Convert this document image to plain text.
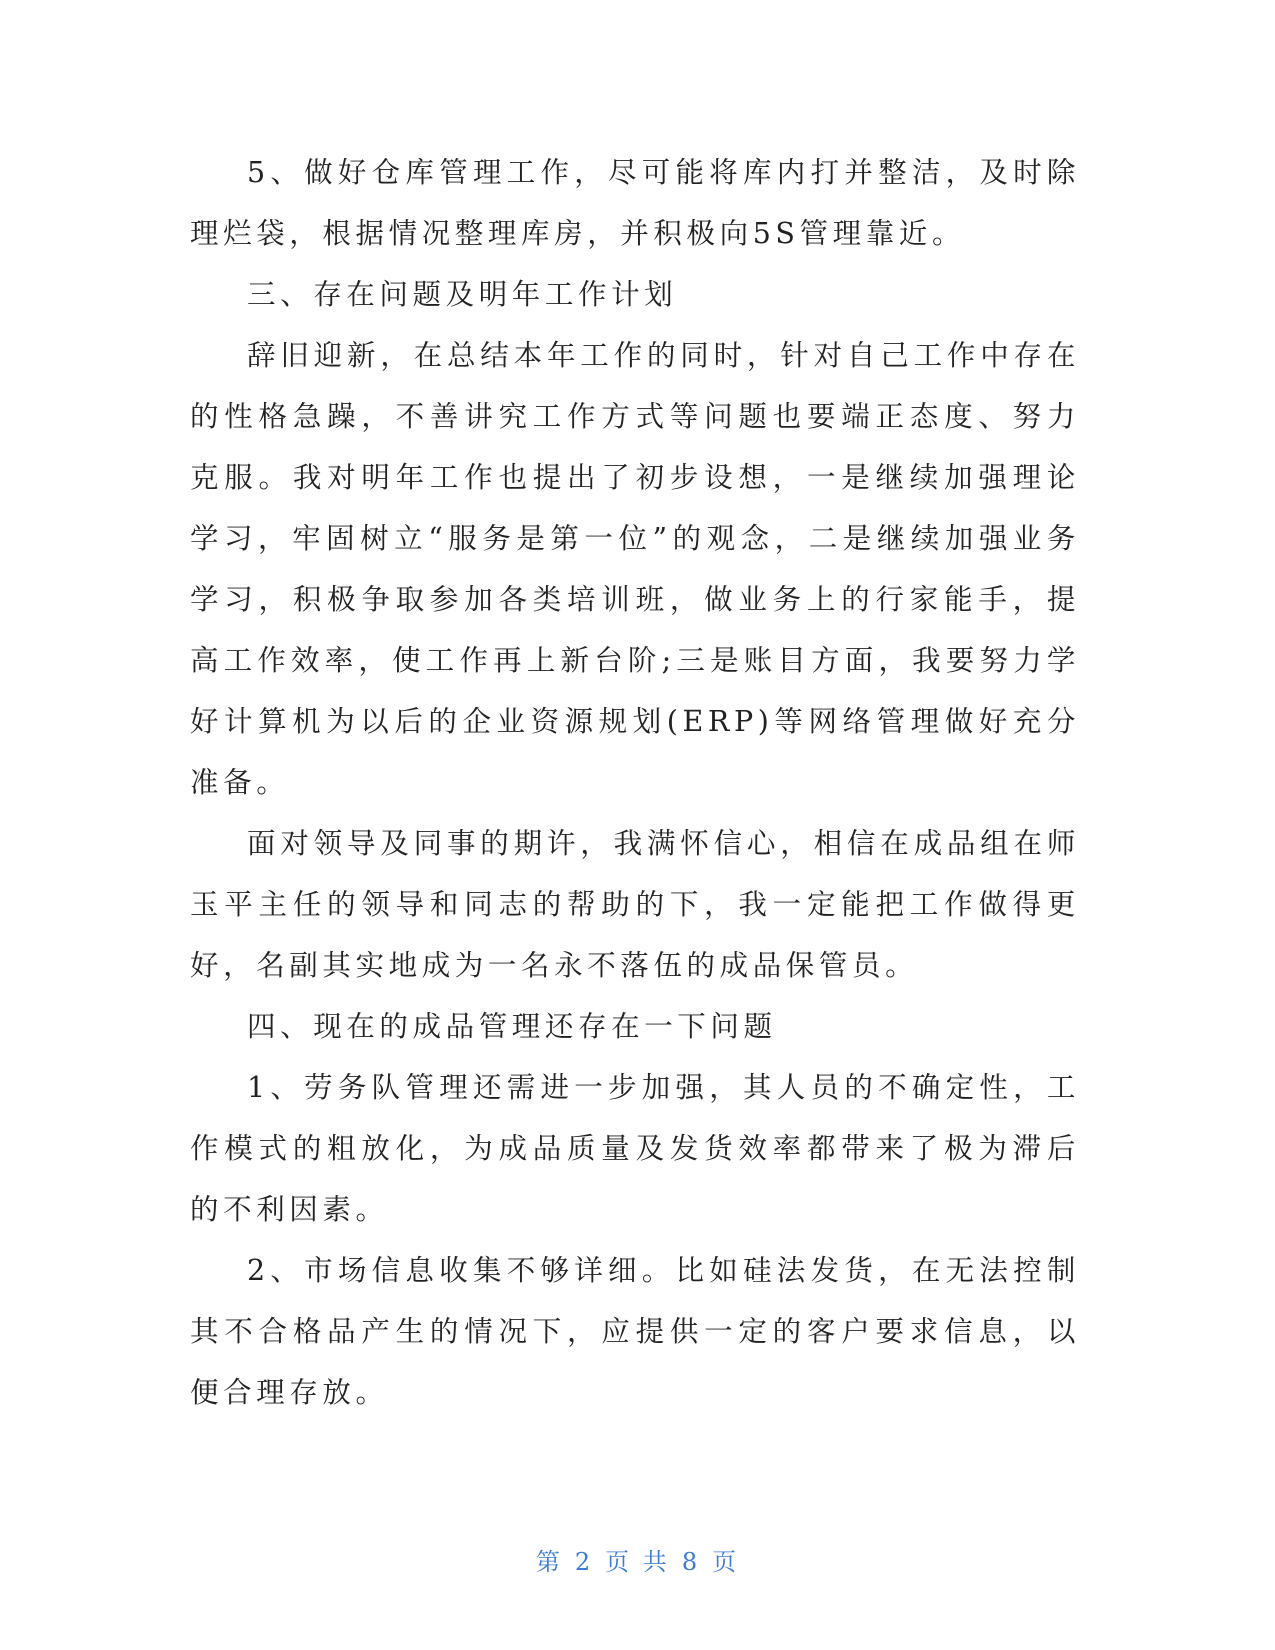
5、做好仓库管理工作，尽可能将库内打并整洁，及时除理烂袋，根据情况整理库房，并积极向5S管理靠近。

三、存在问题及明年工作计划

辞旧迎新，在总结本年工作的同时，针对自己工作中存在的性格急躁，不善讲究工作方式等问题也要端正态度、努力克服。我对明年工作也提出了初步设想，一是继续加强理论学习，牢固树立“服务是第一位”的观念，二是继续加强业务学习，积极争取参加各类培训班，做业务上的行家能手，提高工作效率，使工作再上新台阶;三是账目方面，我要努力学好计算机为以后的企业资源规划(ERP)等网络管理做好充分准备。

面对领导及同事的期许，我满怀信心，相信在成品组在师玉平主任的领导和同志的帮助的下，我一定能把工作做得更好，名副其实地成为一名永不落伍的成品保管员。

四、现在的成品管理还存在一下问题

1、劳务队管理还需进一步加强，其人员的不确定性，工作模式的粗放化，为成品质量及发货效率都带来了极为滞后的不利因素。

2、市场信息收集不够详细。比如硅法发货，在无法控制其不合格品产生的情况下，应提供一定的客户要求信息，以便合理存放。

第 2 页 共 8 页
